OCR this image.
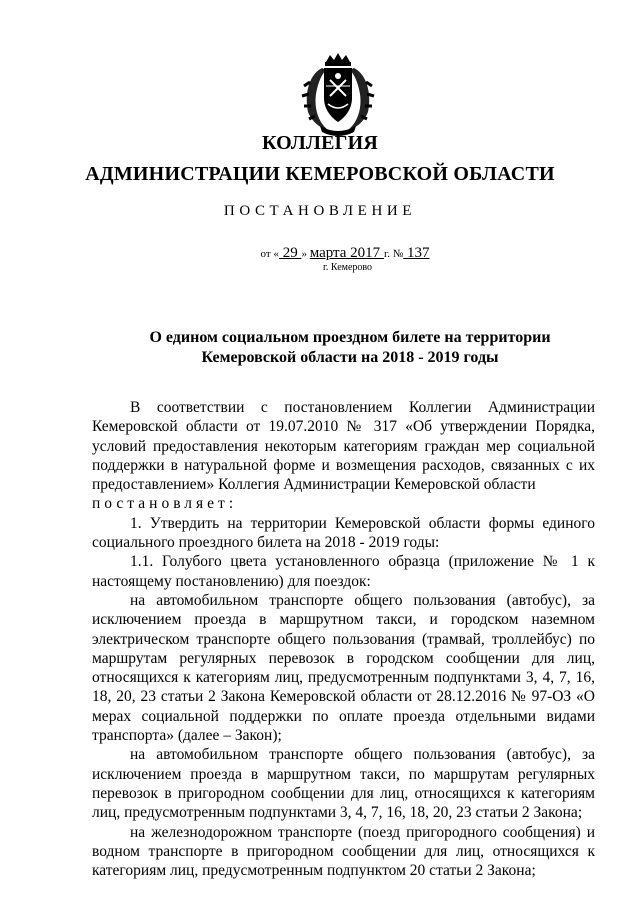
КОЛЛЕГИЯ
АДМИНИСТРАЦИИ КЕМЕРОВСКОЙ ОБЛАСТИ
ПОСТАНОВЛЕНИЕ
от « 29 » марта 2017 г. № 137
г. Кемерово
О едином социальном проездном билете на территории
Кемеровской области на 2018 - 2019 годы

В соответствии с постановлением Коллегии Администрации Кемеровской области от 19.07.2010 № 317 «Об утверждении Порядка, условий предоставления некоторым категориям граждан мер социальной поддержки в натуральной форме и возмещения расходов, связанных с их предоставлением» Коллегия Администрации Кемеровской области

постановляет:

1. Утвердить на территории Кемеровской области формы единого социального проездного билета на 2018 - 2019 годы:

1.1. Голубого цвета установленного образца (приложение № 1 к настоящему постановлению) для поездок:

на автомобильном транспорте общего пользования (автобус), за исключением проезда в маршрутном такси, и городском наземном электрическом транспорте общего пользования (трамвай, троллейбус) по маршрутам регулярных перевозок в городском сообщении для лиц, относящихся к категориям лиц, предусмотренным подпунктами 3, 4, 7, 16, 18, 20, 23 статьи 2 Закона Кемеровской области от 28.12.2016 № 97-ОЗ «О мерах социальной поддержки по оплате проезда отдельными видами транспорта» (далее – Закон);

на автомобильном транспорте общего пользования (автобус), за исключением проезда в маршрутном такси, по маршрутам регулярных перевозок в пригородном сообщении для лиц, относящихся к категориям лиц, предусмотренным подпунктами 3, 4, 7, 16, 18, 20, 23 статьи 2 Закона;

на железнодорожном транспорте (поезд пригородного сообщения) и водном транспорте в пригородном сообщении для лиц, относящихся к категориям лиц, предусмотренным подпунктом 20 статьи 2 Закона;
